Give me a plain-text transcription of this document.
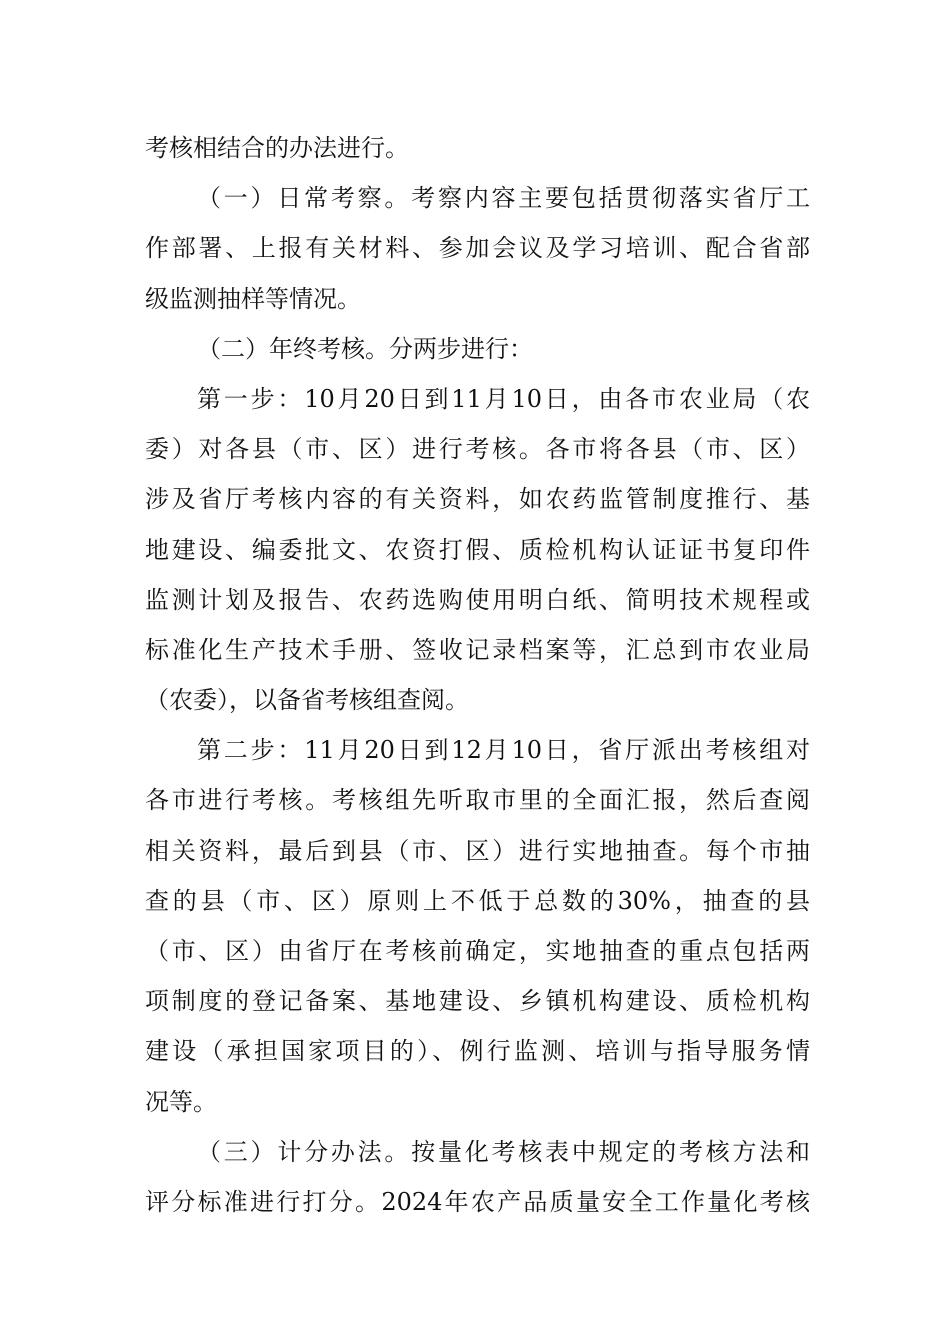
考核相结合的办法进行。
（一）日常考察。考察内容主要包括贯彻落实省厅工
作部署、上报有关材料、参加会议及学习培训、配合省部
级监测抽样等情况。
（二）年终考核。分两步进行：
第一步：10月20日到11月10日，由各市农业局（农
委）对各县（市、区）进行考核。各市将各县（市、区）
涉及省厅考核内容的有关资料，如农药监管制度推行、基
地建设、编委批文、农资打假、质检机构认证证书复印件
监测计划及报告、农药选购使用明白纸、简明技术规程或
标准化生产技术手册、签收记录档案等，汇总到市农业局
（农委），以备省考核组查阅。
第二步：11月20日到12月10日，省厅派出考核组对
各市进行考核。考核组先听取市里的全面汇报，然后查阅
相关资料，最后到县（市、区）进行实地抽查。每个市抽
查的县（市、区）原则上不低于总数的30%，抽查的县
（市、区）由省厅在考核前确定，实地抽查的重点包括两
项制度的登记备案、基地建设、乡镇机构建设、质检机构
建设（承担国家项目的）、例行监测、培训与指导服务情
况等。
（三）计分办法。按量化考核表中规定的考核方法和
评分标准进行打分。2024年农产品质量安全工作量化考核
